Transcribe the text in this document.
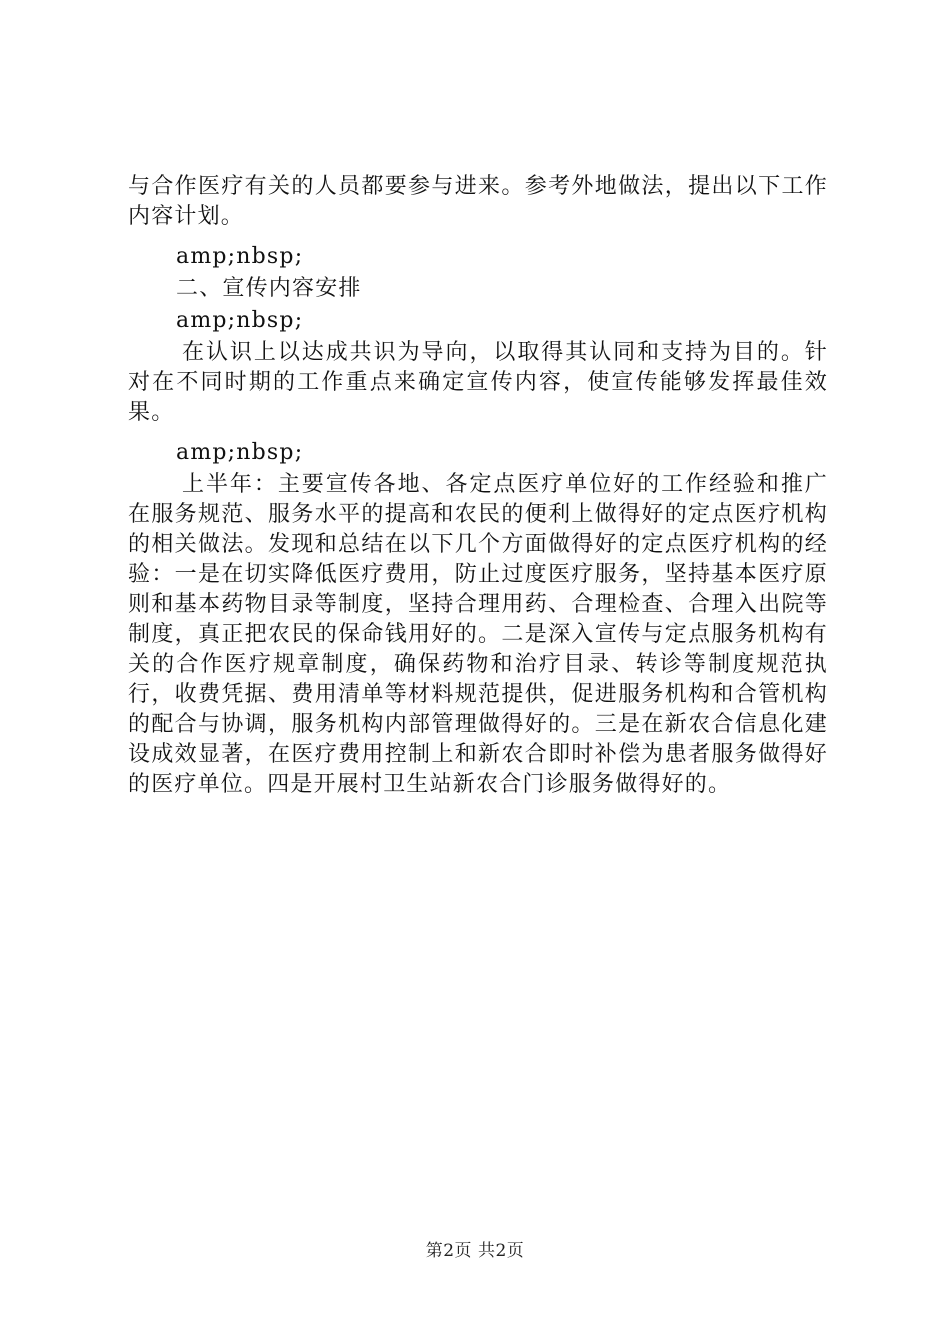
与合作医疗有关的人员都要参与进来。参考外地做法，提出以下工作内容计划。

amp;nbsp;

二、宣传内容安排

amp;nbsp;

在认识上以达成共识为导向，以取得其认同和支持为目的。针对在不同时期的工作重点来确定宣传内容，使宣传能够发挥最佳效果。

amp;nbsp;

上半年：主要宣传各地、各定点医疗单位好的工作经验和推广在服务规范、服务水平的提高和农民的便利上做得好的定点医疗机构的相关做法。发现和总结在以下几个方面做得好的定点医疗机构的经验：一是在切实降低医疗费用，防止过度医疗服务，坚持基本医疗原则和基本药物目录等制度，坚持合理用药、合理检查、合理入出院等制度，真正把农民的保命钱用好的。二是深入宣传与定点服务机构有关的合作医疗规章制度，确保药物和治疗目录、转诊等制度规范执行，收费凭据、费用清单等材料规范提供，促进服务机构和合管机构的配合与协调，服务机构内部管理做得好的。三是在新农合信息化建设成效显著，在医疗费用控制上和新农合即时补偿为患者服务做得好的医疗单位。四是开展村卫生站新农合门诊服务做得好的。

第2页 共2页
